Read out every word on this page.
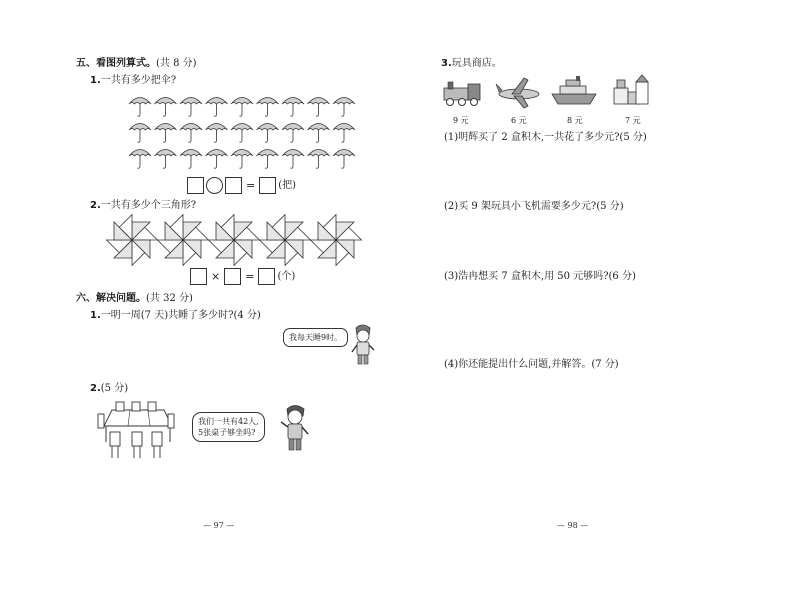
五、看图列算式。(共 8 分)
1.一共有多少把伞?
= (把)
2.一共有多少个三角形?
× = (个)
六、解决问题。(共 32 分)
1.一明一周(7 天)共睡了多少时?(4 分)
我每天睡9时。
2.(5 分)
我们一共有42人,
5张桌子够坐吗?
— 97 —
3.玩具商店。
9 元	6 元	8 元	7 元
(1)明辉买了 2 盒积木,一共花了多少元?(5 分)
(2)买 9 架玩具小飞机需要多少元?(5 分)
(3)浩冉想买 7 盒积木,用 50 元够吗?(6 分)
(4)你还能提出什么问题,并解答。(7 分)
— 98 —
